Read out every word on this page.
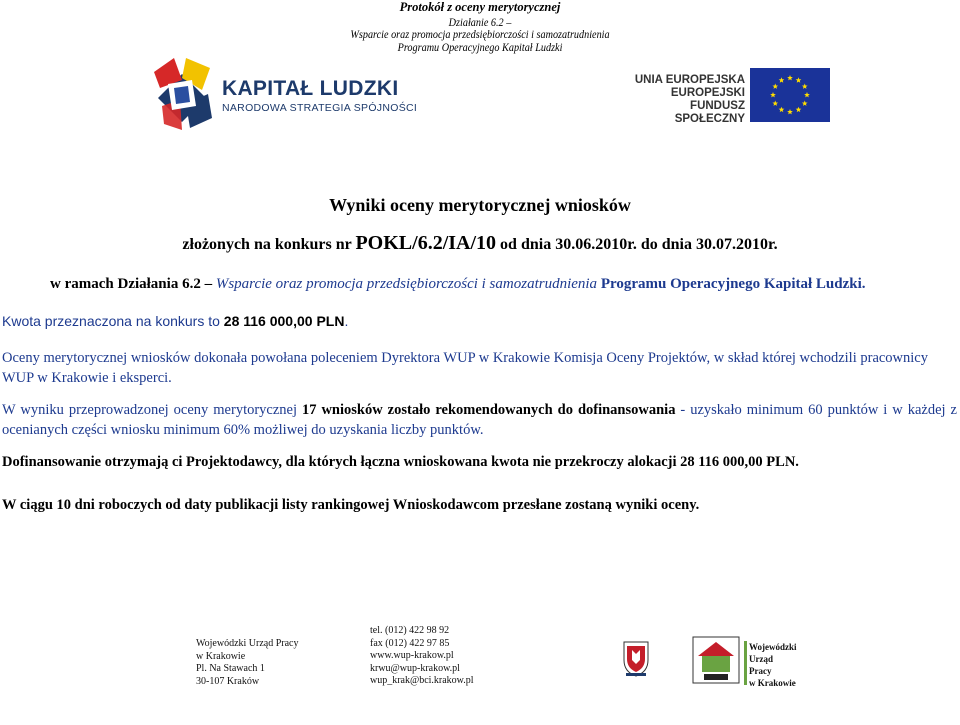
Protokół z oceny merytorycznej
Działanie 6.2 –
Wsparcie oraz promocja przedsiębiorczości i samozatrudnienia
Programu Operacyjnego Kapitał Ludzki
KAPITAŁ LUDZKI
NARODOWA STRATEGIA SPÓJNOŚCI
UNIA EUROPEJSKA
EUROPEJSKI
FUNDUSZ SPOŁECZNY
Wyniki oceny merytorycznej wniosków
złożonych na konkurs nr POKL/6.2/IA/10 od dnia 30.06.2010r. do dnia 30.07.2010r.
w ramach Działania 6.2 – Wsparcie oraz promocja przedsiębiorczości i samozatrudnienia Programu Operacyjnego Kapitał Ludzki.
Kwota przeznaczona na konkurs to 28 116 000,00 PLN.
Oceny merytorycznej wniosków dokonała powołana poleceniem Dyrektora WUP w Krakowie Komisja Oceny Projektów, w skład której wchodzili pracownicy WUP w Krakowie i eksperci.
W wyniku przeprowadzonej oceny merytorycznej 17 wniosków zostało rekomendowanych do dofinansowania - uzyskało minimum 60 punktów i w każdej z ocenianych części wniosku minimum 60% możliwej do uzyskania liczby punktów.
Dofinansowanie otrzymają ci Projektodawcy, dla których łączna wnioskowana kwota nie przekroczy alokacji 28 116 000,00 PLN.
W ciągu 10 dni roboczych od daty publikacji listy rankingowej Wnioskodawcom przesłane zostaną wyniki oceny.
Wojewódzki Urząd Pracy
w Krakowie
Pl. Na Stawach 1
30-107 Kraków
tel. (012) 422 98 92
fax (012) 422 97 85
www.wup-krakow.pl
krwu@wup-krakow.pl
wup_krak@bci.krakow.pl
Wojewódzki
Urząd
Pracy
w Krakowie
